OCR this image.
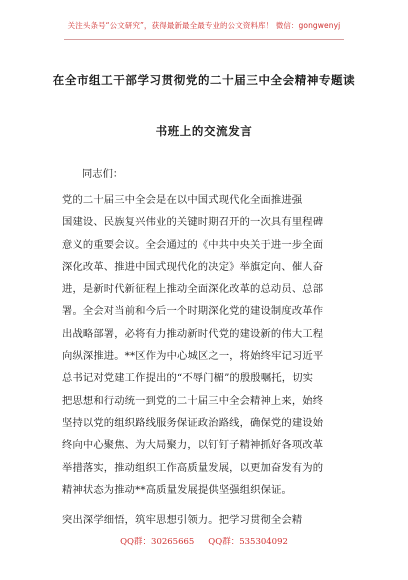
关注头条号“公文研究”，获得最新最全最专业的公文资料库！ 微信：gongwenyj
在全市组工干部学习贯彻党的二十届三中全会精神专题读
书班上的交流发言
同志们：
党的二十届三中全会是在以中国式现代化全面推进强
国建设、民族复兴伟业的关键时期召开的一次具有里程碑
意义的重要会议。全会通过的《中共中央关于进一步全面
深化改革、推进中国式现代化的决定》举旗定向、催人奋
进，是新时代新征程上推动全面深化改革的总动员、总部
署。全会对当前和今后一个时期深化党的建设制度改革作
出战略部署，必将有力推动新时代党的建设新的伟大工程
向纵深推进。**区作为中心城区之一，将始终牢记习近平
总书记对党建工作提出的“不辱门楣”的殷殷嘱托，切实
把思想和行动统一到党的二十届三中全会精神上来，始终
坚持以党的组织路线服务保证政治路线，确保党的建设始
终向中心聚焦、为大局聚力，以钉钉子精神抓好各项改革
举措落实，推动组织工作高质量发展，以更加奋发有为的
精神状态为推动**高质量发展提供坚强组织保证。
突出深学细悟，筑牢思想引领力。把学习贯彻全会精
QQ群：30265665 QQ群：535304092
